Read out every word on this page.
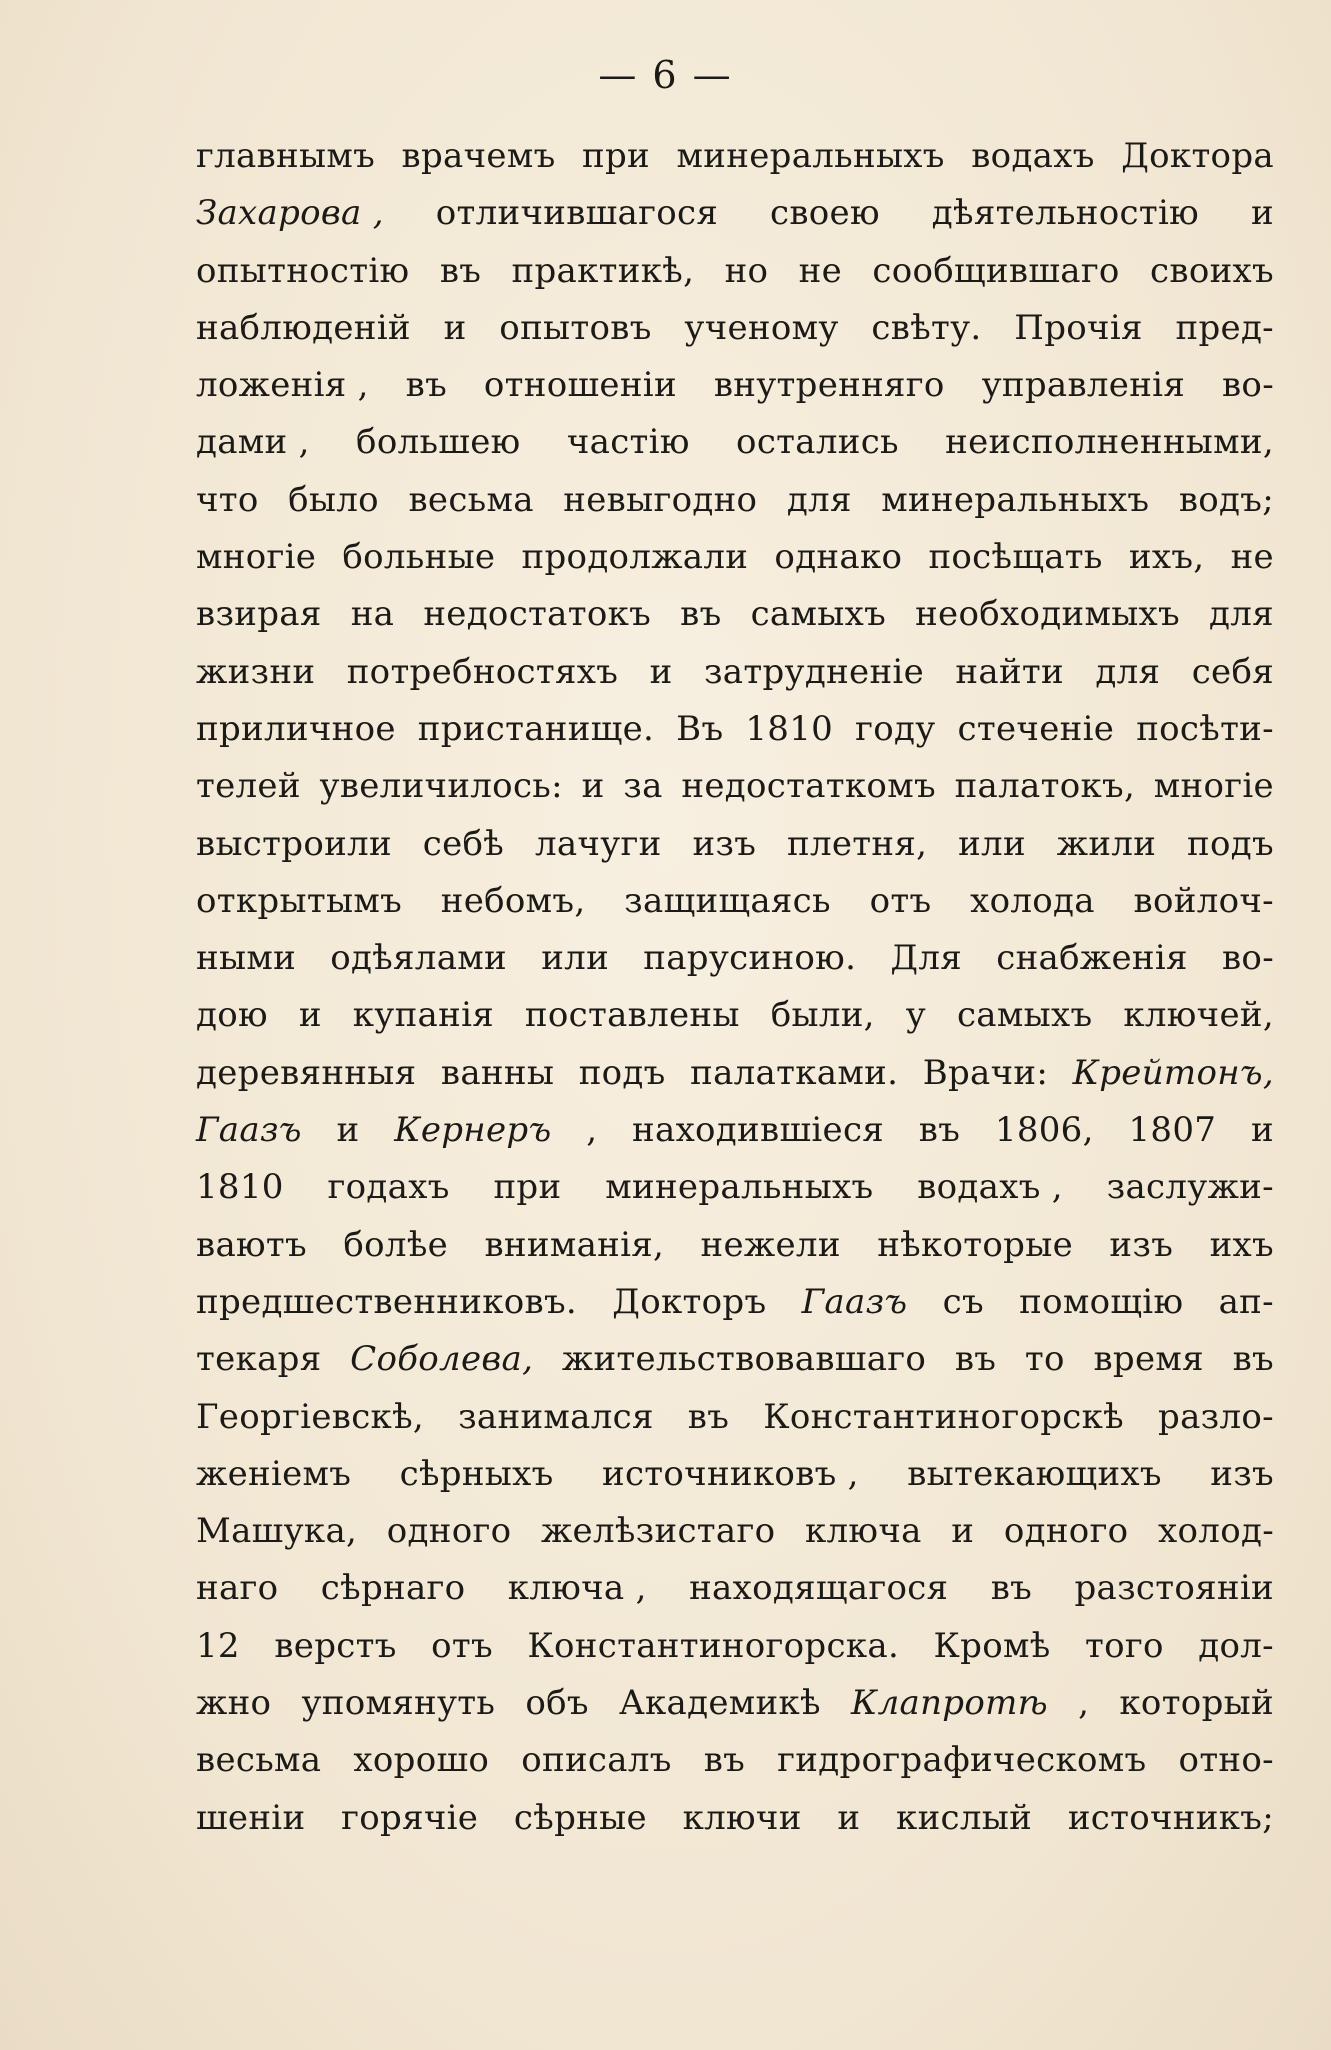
— 6 —
главнымъ врачемъ при минеральныхъ водахъ Доктора
Захарова , отличившагося своею дѣятельностію и
опытностію въ практикѣ, но не сообщившаго своихъ
наблюденій и опытовъ ученому свѣту. Прочія пред-
ложенія , въ отношеніи внутренняго управленія во-
дами , большею частію остались неисполненными,
что было весьма невыгодно для минеральныхъ водъ;
многіе больные продолжали однако посѣщать ихъ, не
взирая на недостатокъ въ самыхъ необходимыхъ для
жизни потребностяхъ и затрудненіе найти для себя
приличное пристанище. Въ 1810 году стеченіе посѣти-
телей увеличилось: и за недостаткомъ палатокъ, многіе
выстроили себѣ лачуги изъ плетня, или жили подъ
открытымъ небомъ, защищаясь отъ холода войлоч-
ными одѣялами или парусиною. Для снабженія во-
дою и купанія поставлены были, у самыхъ ключей,
деревянныя ванны подъ палатками. Врачи: Крейтонъ,
Гаазъ и Кернеръ , находившіеся въ 1806, 1807 и
1810 годахъ при минеральныхъ водахъ , заслужи-
ваютъ болѣе вниманія, нежели нѣкоторые изъ ихъ
предшественниковъ. Докторъ Гаазъ съ помощію ап-
текаря Соболева, жительствовавшаго въ то время въ
Георгіевскѣ, занимался въ Константиногорскѣ разло-
женіемъ сѣрныхъ источниковъ , вытекающихъ изъ
Машука, одного желѣзистаго ключа и одного холод-
наго сѣрнаго ключа , находящагося въ разстояніи
12 верстъ отъ Константиногорска. Кромѣ того дол-
жно упомянуть объ Академикѣ Клапротѣ , который
весьма хорошо описалъ въ гидрографическомъ отно-
шеніи горячіе сѣрные ключи и кислый источникъ;
